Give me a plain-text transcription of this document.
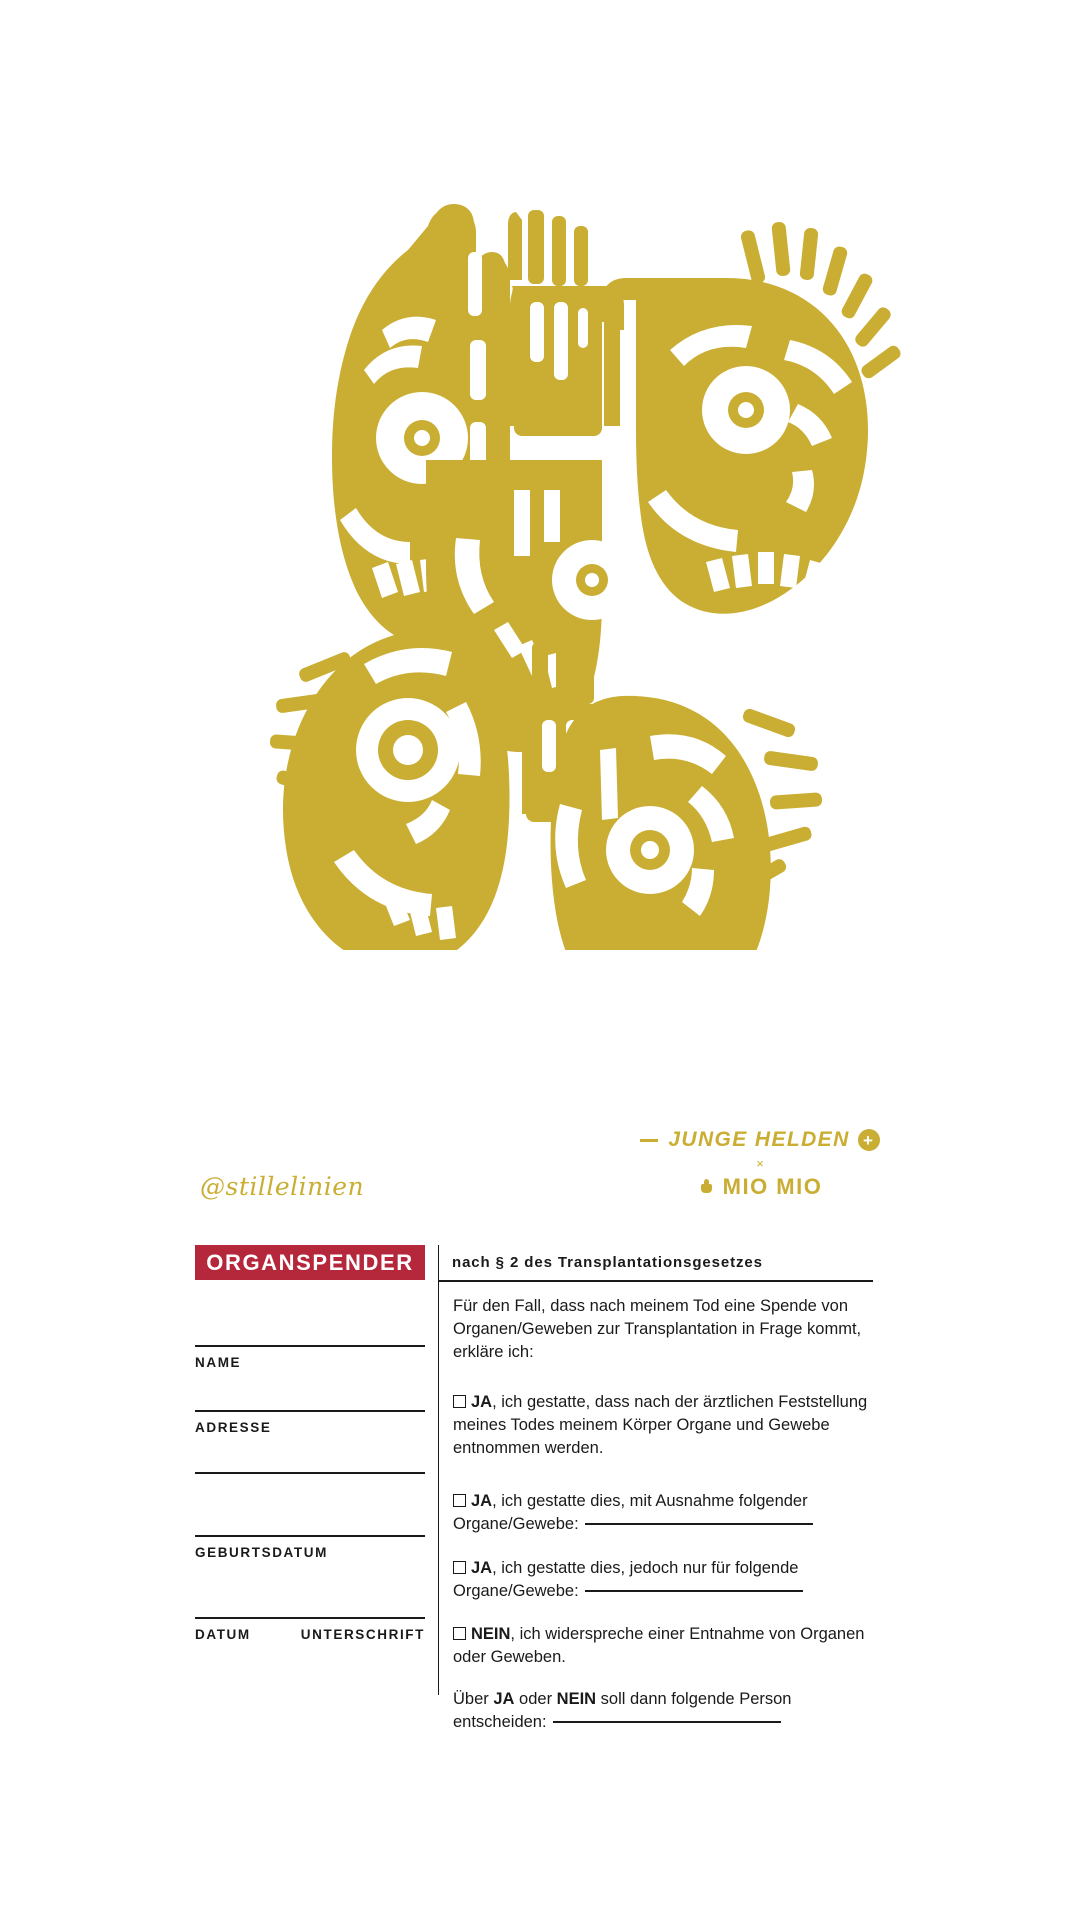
@stillelinien
JUNGE HELDEN +
×
MIO MIO
nach § 2 des Transplantationsgesetzes
ORGANSPENDER
NAME
ADRESSE
GEBURTSDATUM
DATUM	UNTERSCHRIFT
Für den Fall, dass nach meinem Tod eine Spende von Organen/Geweben zur Transplantation in Frage kommt, erkläre ich:
JA, ich gestatte, dass nach der ärztlichen Feststellung meines Todes meinem Körper Organe und Gewebe entnommen werden.
JA, ich gestatte dies, mit Ausnahme folgender Organe/Gewebe:
JA, ich gestatte dies, jedoch nur für folgende Organe/Gewebe:
NEIN, ich widerspreche einer Entnahme von Organen oder Geweben.
Über JA oder NEIN soll dann folgende Person entscheiden:
